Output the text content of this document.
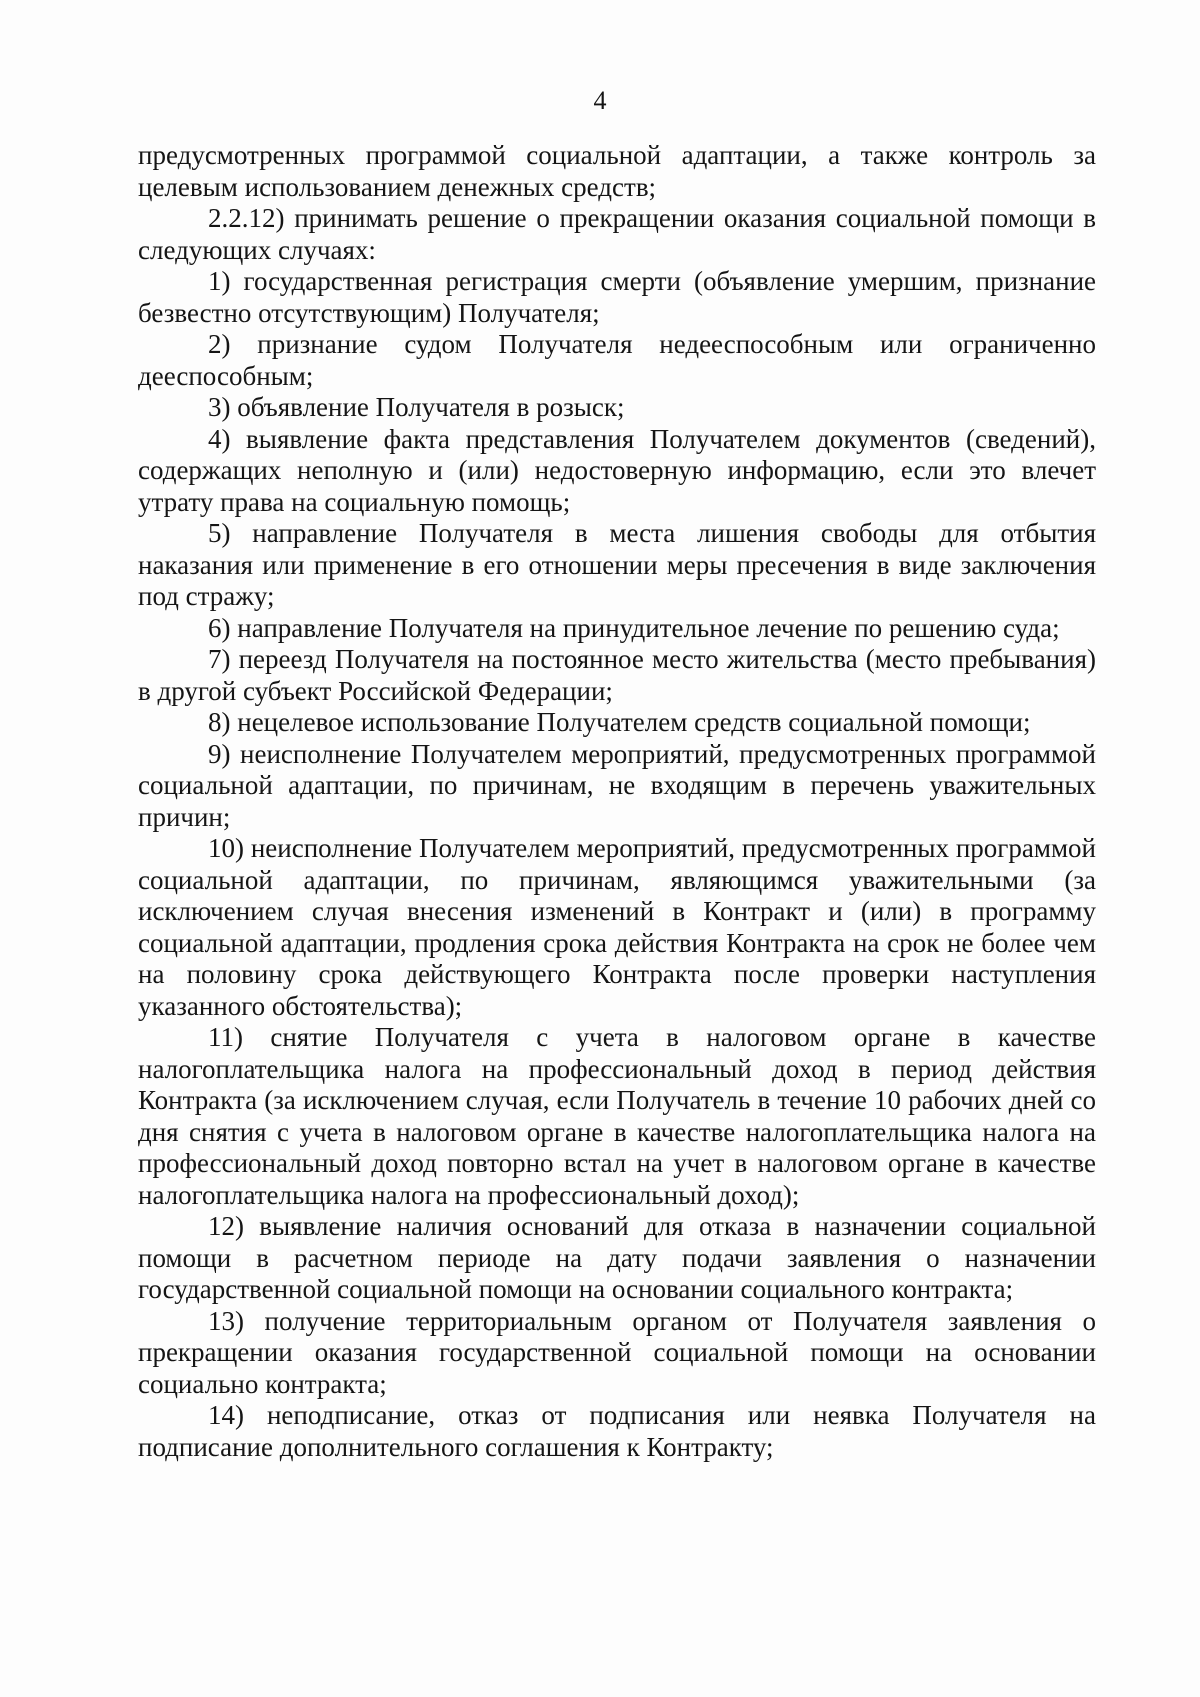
4

предусмотренных программой социальной адаптации, а также контроль за целевым использованием денежных средств;

2.2.12) принимать решение о прекращении оказания социальной помощи в следующих случаях:

1) государственная регистрация смерти (объявление умершим, признание безвестно отсутствующим) Получателя;

2) признание судом Получателя недееспособным или ограниченно дееспособным;

3) объявление Получателя в розыск;

4) выявление факта представления Получателем документов (сведений), содержащих неполную и (или) недостоверную информацию, если это влечет утрату права на социальную помощь;

5) направление Получателя в места лишения свободы для отбытия наказания или применение в его отношении меры пресечения в виде заключения под стражу;

6) направление Получателя на принудительное лечение по решению суда;

7) переезд Получателя на постоянное место жительства (место пребывания) в другой субъект Российской Федерации;

8) нецелевое использование Получателем средств социальной помощи;

9) неисполнение Получателем мероприятий, предусмотренных программой социальной адаптации, по причинам, не входящим в перечень уважительных причин;

10) неисполнение Получателем мероприятий, предусмотренных программой социальной адаптации, по причинам, являющимся уважительными (за исключением случая внесения изменений в Контракт и (или) в программу социальной адаптации, продления срока действия Контракта на срок не более чем на половину срока действующего Контракта после проверки наступления указанного обстоятельства);

11) снятие Получателя с учета в налоговом органе в качестве налогоплательщика налога на профессиональный доход в период действия Контракта (за исключением случая, если Получатель в течение 10 рабочих дней со дня снятия с учета в налоговом органе в качестве налогоплательщика налога на профессиональный доход повторно встал на учет в налоговом органе в качестве налогоплательщика налога на профессиональный доход);

12) выявление наличия оснований для отказа в назначении социальной помощи в расчетном периоде на дату подачи заявления о назначении государственной социальной помощи на основании социального контракта;

13) получение территориальным органом от Получателя заявления о прекращении оказания государственной социальной помощи на основании социально контракта;

14) неподписание, отказ от подписания или неявка Получателя на подписание дополнительного соглашения к Контракту;
